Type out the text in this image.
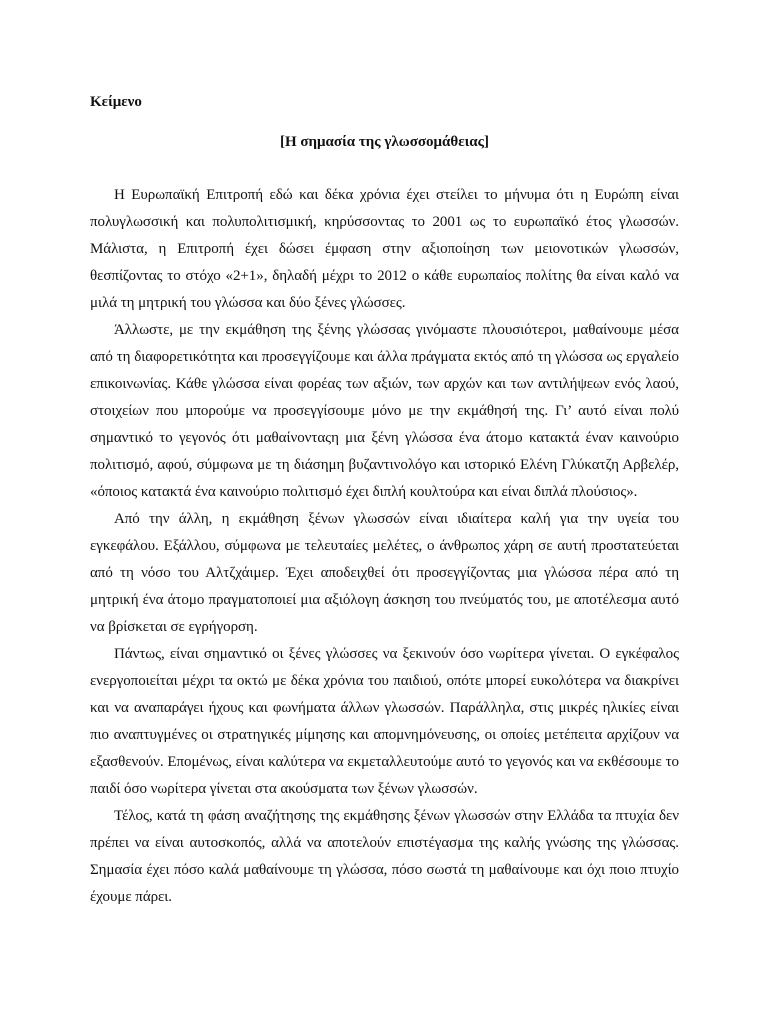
Κείμενο

[Η σημασία της γλωσσομάθειας]

Η Ευρωπαϊκή Επιτροπή εδώ και δέκα χρόνια έχει στείλει το μήνυμα ότι η Ευρώπη είναι πολυγλωσσική και πολυπολιτισμική, κηρύσσοντας το 2001 ως το ευρωπαϊκό έτος γλωσσών. Μάλιστα, η Επιτροπή έχει δώσει έμφαση στην αξιοποίηση των μειονοτικών γλωσσών, θεσπίζοντας το στόχο «2+1», δηλαδή μέχρι το 2012 ο κάθε ευρωπαίος πολίτης θα είναι καλό να μιλά τη μητρική του γλώσσα και δύο ξένες γλώσσες.

Άλλωστε, με την εκμάθηση της ξένης γλώσσας γινόμαστε πλουσιότεροι, μαθαίνουμε μέσα από τη διαφορετικότητα και προσεγγίζουμε και άλλα πράγματα εκτός από τη γλώσσα ως εργαλείο επικοινωνίας. Κάθε γλώσσα είναι φορέας των αξιών, των αρχών και των αντιλήψεων ενός λαού, στοιχείων που μπορούμε να προσεγγίσουμε μόνο με την εκμάθησή της. Γι’ αυτό είναι πολύ σημαντικό το γεγονός ότι μαθαίνονταςη μια ξένη γλώσσα ένα άτομο κατακτά έναν καινούριο πολιτισμό, αφού, σύμφωνα με τη διάσημη βυζαντινολόγο και ιστορικό Ελένη Γλύκατζη Αρβελέρ, «όποιος κατακτά ένα καινούριο πολιτισμό έχει διπλή κουλτούρα και είναι διπλά πλούσιος».

Από την άλλη, η εκμάθηση ξένων γλωσσών είναι ιδιαίτερα καλή για την υγεία του εγκεφάλου. Εξάλλου, σύμφωνα με τελευταίες μελέτες, ο άνθρωπος χάρη σε αυτή προστατεύεται από τη νόσο του Αλτζχάιμερ. Έχει αποδειχθεί ότι προσεγγίζοντας μια γλώσσα πέρα από τη μητρική ένα άτομο πραγματοποιεί μια αξιόλογη άσκηση του πνεύματός του, με αποτέλεσμα αυτό να βρίσκεται σε εγρήγορση.

Πάντως, είναι σημαντικό οι ξένες γλώσσες να ξεκινούν όσο νωρίτερα γίνεται. Ο εγκέφαλος ενεργοποιείται μέχρι τα οκτώ με δέκα χρόνια του παιδιού, οπότε μπορεί ευκολότερα να διακρίνει και να αναπαράγει ήχους και φωνήματα άλλων γλωσσών. Παράλληλα, στις μικρές ηλικίες είναι πιο αναπτυγμένες οι στρατηγικές μίμησης και απομνημόνευσης, οι οποίες μετέπειτα αρχίζουν να εξασθενούν. Επομένως, είναι καλύτερα να εκμεταλλευτούμε αυτό το γεγονός και να εκθέσουμε το παιδί όσο νωρίτερα γίνεται στα ακούσματα των ξένων γλωσσών.

Τέλος, κατά τη φάση αναζήτησης της εκμάθησης ξένων γλωσσών στην Ελλάδα τα πτυχία δεν πρέπει να είναι αυτοσκοπός, αλλά να αποτελούν επιστέγασμα της καλής γνώσης της γλώσσας. Σημασία έχει πόσο καλά μαθαίνουμε τη γλώσσα, πόσο σωστά τη μαθαίνουμε και όχι ποιο πτυχίο έχουμε πάρει.
